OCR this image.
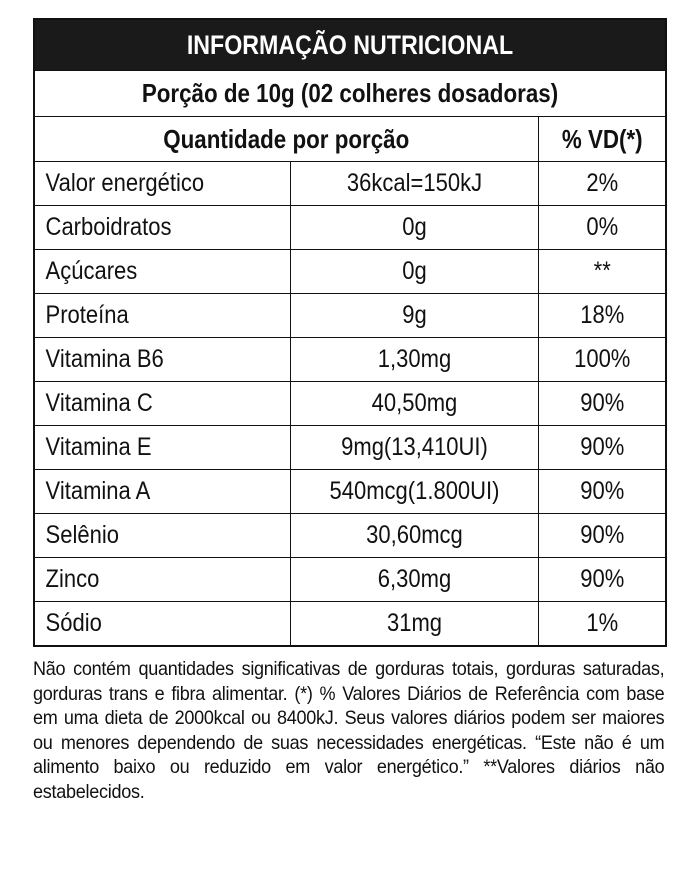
INFORMAÇÃO NUTRICIONAL		

Porção de 10g (02 colheres dosadoras)		

Quantidade por porção		% VD(*)

Valor energético	36kcal=150kJ	2%

Carboidratos	0g	0%

Açúcares	0g	**

Proteína	9g	18%

Vitamina B6	1,30mg	100%

Vitamina C	40,50mg	90%

Vitamina E	9mg(13,410UI)	90%

Vitamina A	540mcg(1.800UI)	90%

Selênio	30,60mcg	90%

Zinco	6,30mg	90%

Sódio	31mg	1%
Não contém quantidades significativas de gorduras totais, gorduras saturadas, gorduras trans e fibra alimentar. (*) % Valores Diários de Referência com base em uma dieta de 2000kcal ou 8400kJ. Seus valores diários podem ser maiores ou menores dependendo de suas necessidades energéticas. “Este não é um alimento baixo ou reduzido em valor energético.” **Valores diários não estabelecidos.
